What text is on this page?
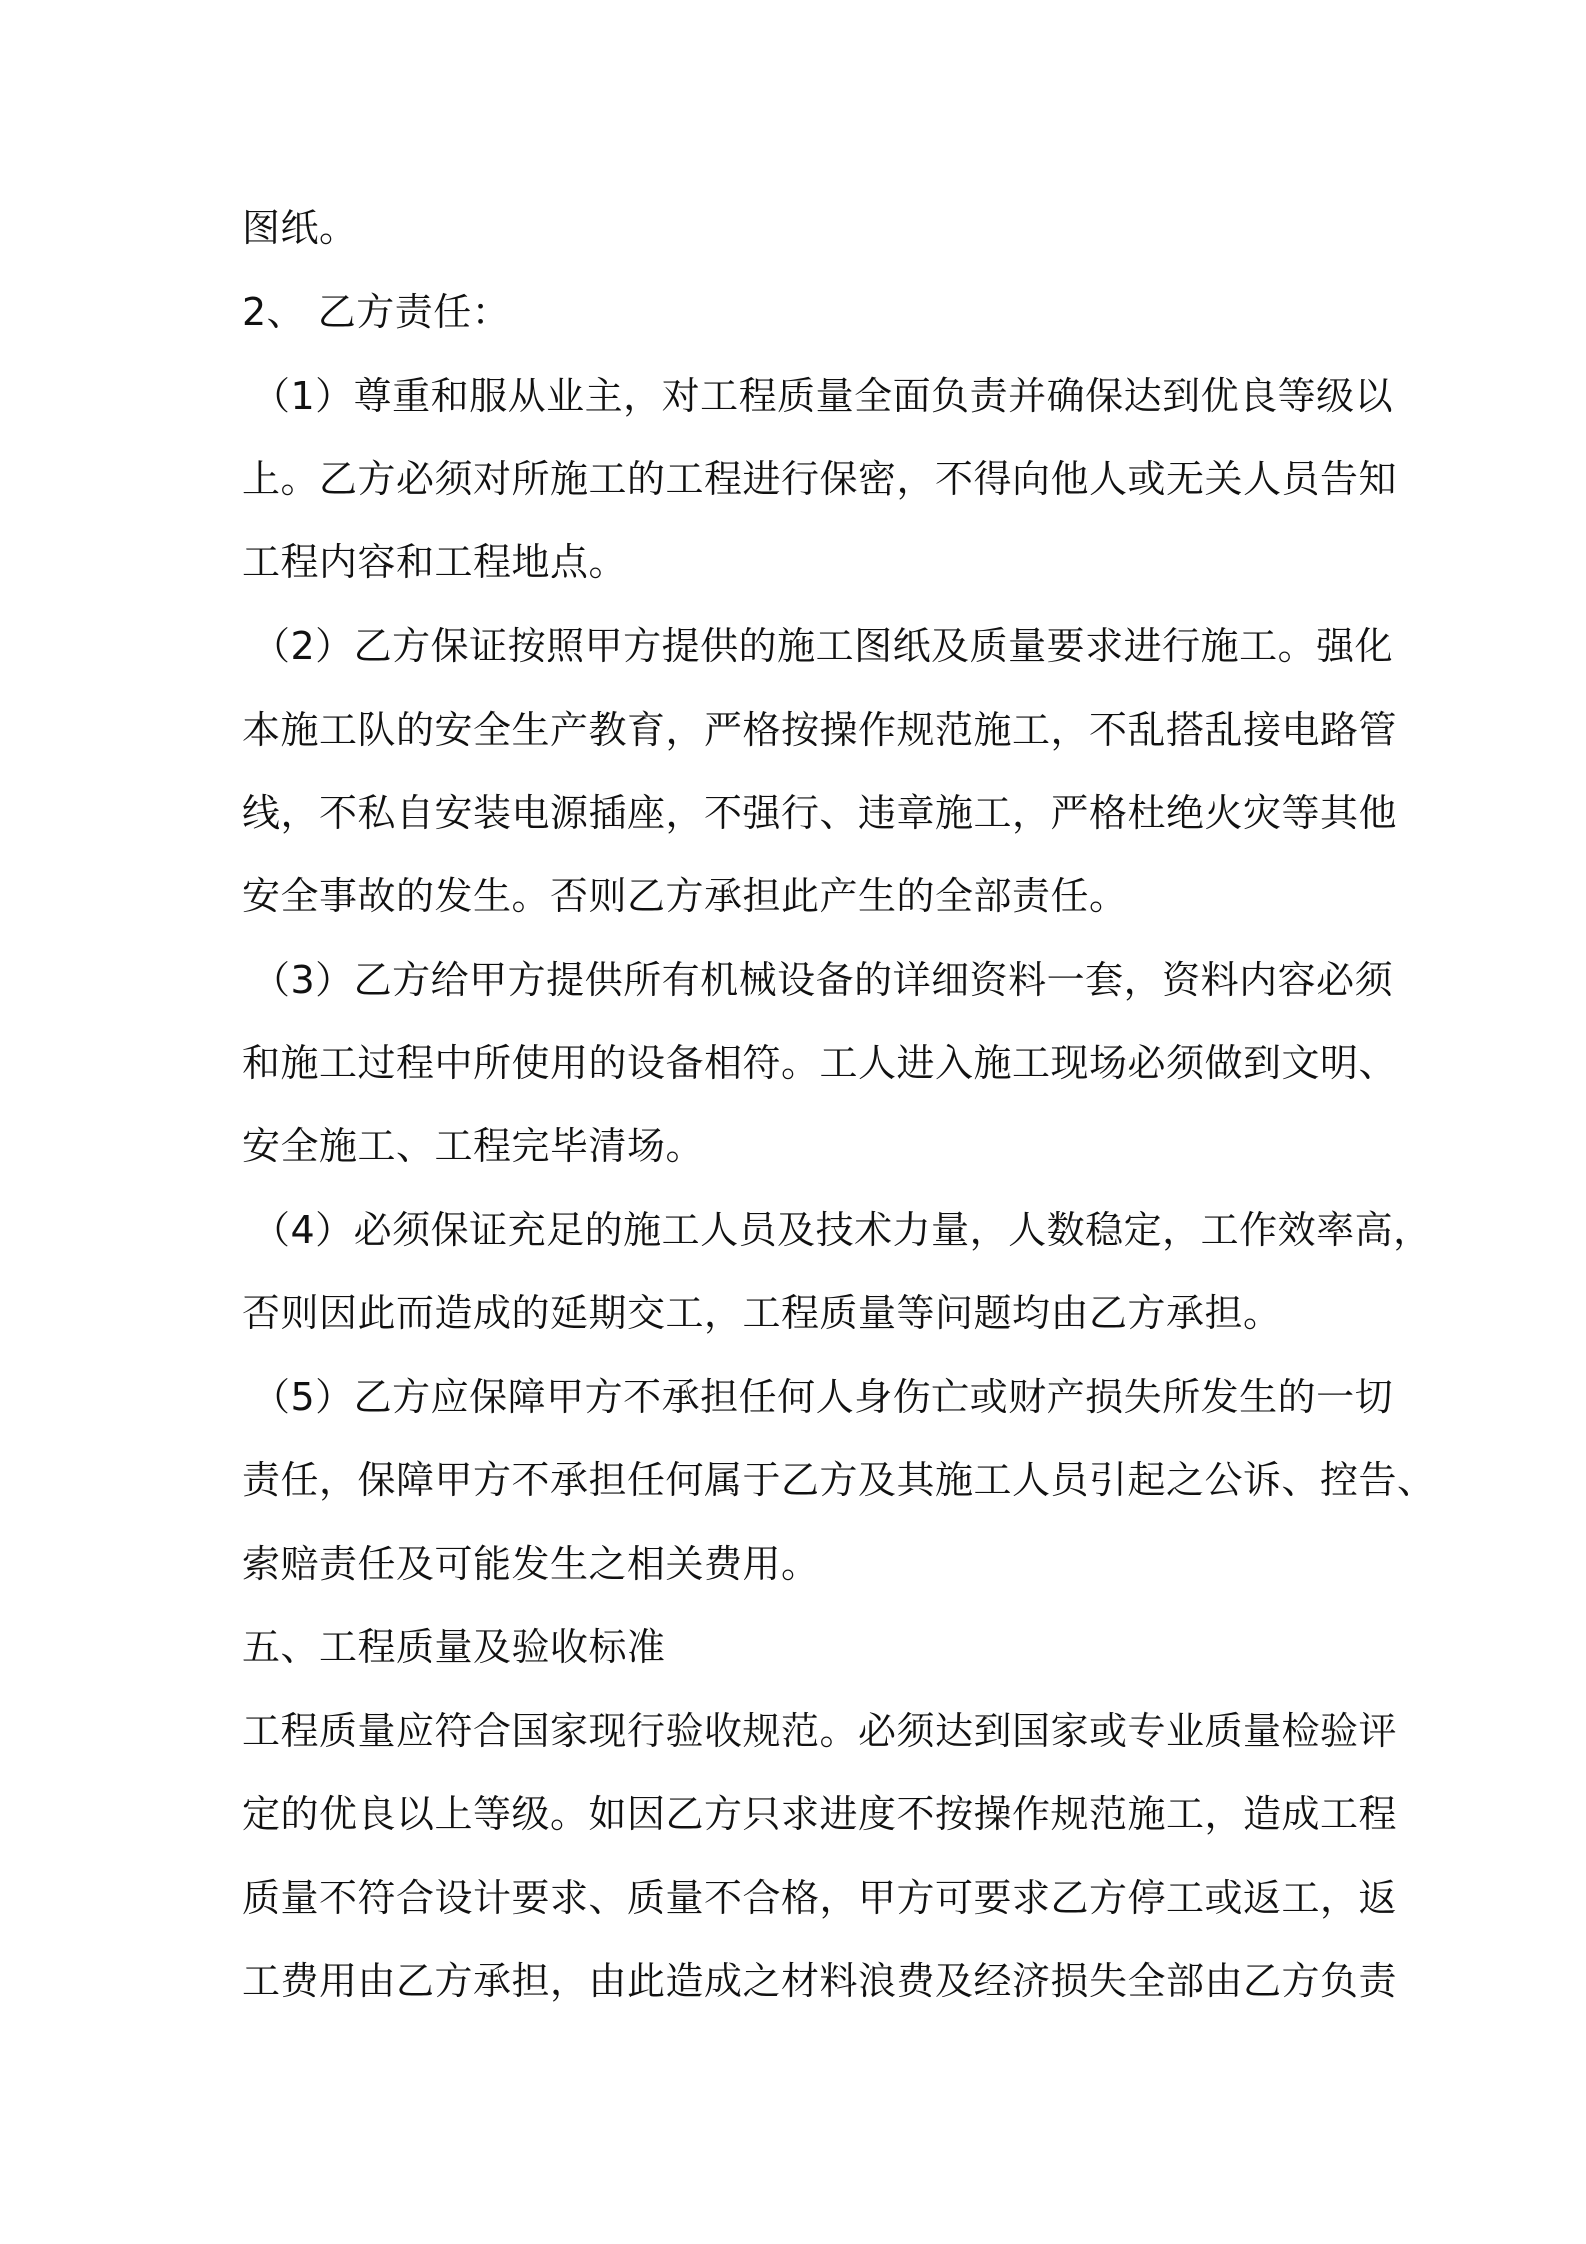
图纸。
2、 乙方责任：
（1）尊重和服从业主，对工程质量全面负责并确保达到优良等级以
上。乙方必须对所施工的工程进行保密，不得向他人或无关人员告知
工程内容和工程地点。
（2）乙方保证按照甲方提供的施工图纸及质量要求进行施工。强化
本施工队的安全生产教育，严格按操作规范施工，不乱搭乱接电路管
线，不私自安装电源插座，不强行、违章施工，严格杜绝火灾等其他
安全事故的发生。否则乙方承担此产生的全部责任。
（3）乙方给甲方提供所有机械设备的详细资料一套，资料内容必须
和施工过程中所使用的设备相符。工人进入施工现场必须做到文明、
安全施工、工程完毕清场。
（4）必须保证充足的施工人员及技术力量，人数稳定，工作效率高，
否则因此而造成的延期交工，工程质量等问题均由乙方承担。
（5）乙方应保障甲方不承担任何人身伤亡或财产损失所发生的一切
责任，保障甲方不承担任何属于乙方及其施工人员引起之公诉、控告、
索赔责任及可能发生之相关费用。
五、工程质量及验收标准
工程质量应符合国家现行验收规范。必须达到国家或专业质量检验评
定的优良以上等级。如因乙方只求进度不按操作规范施工，造成工程
质量不符合设计要求、质量不合格，甲方可要求乙方停工或返工，返
工费用由乙方承担，由此造成之材料浪费及经济损失全部由乙方负责
